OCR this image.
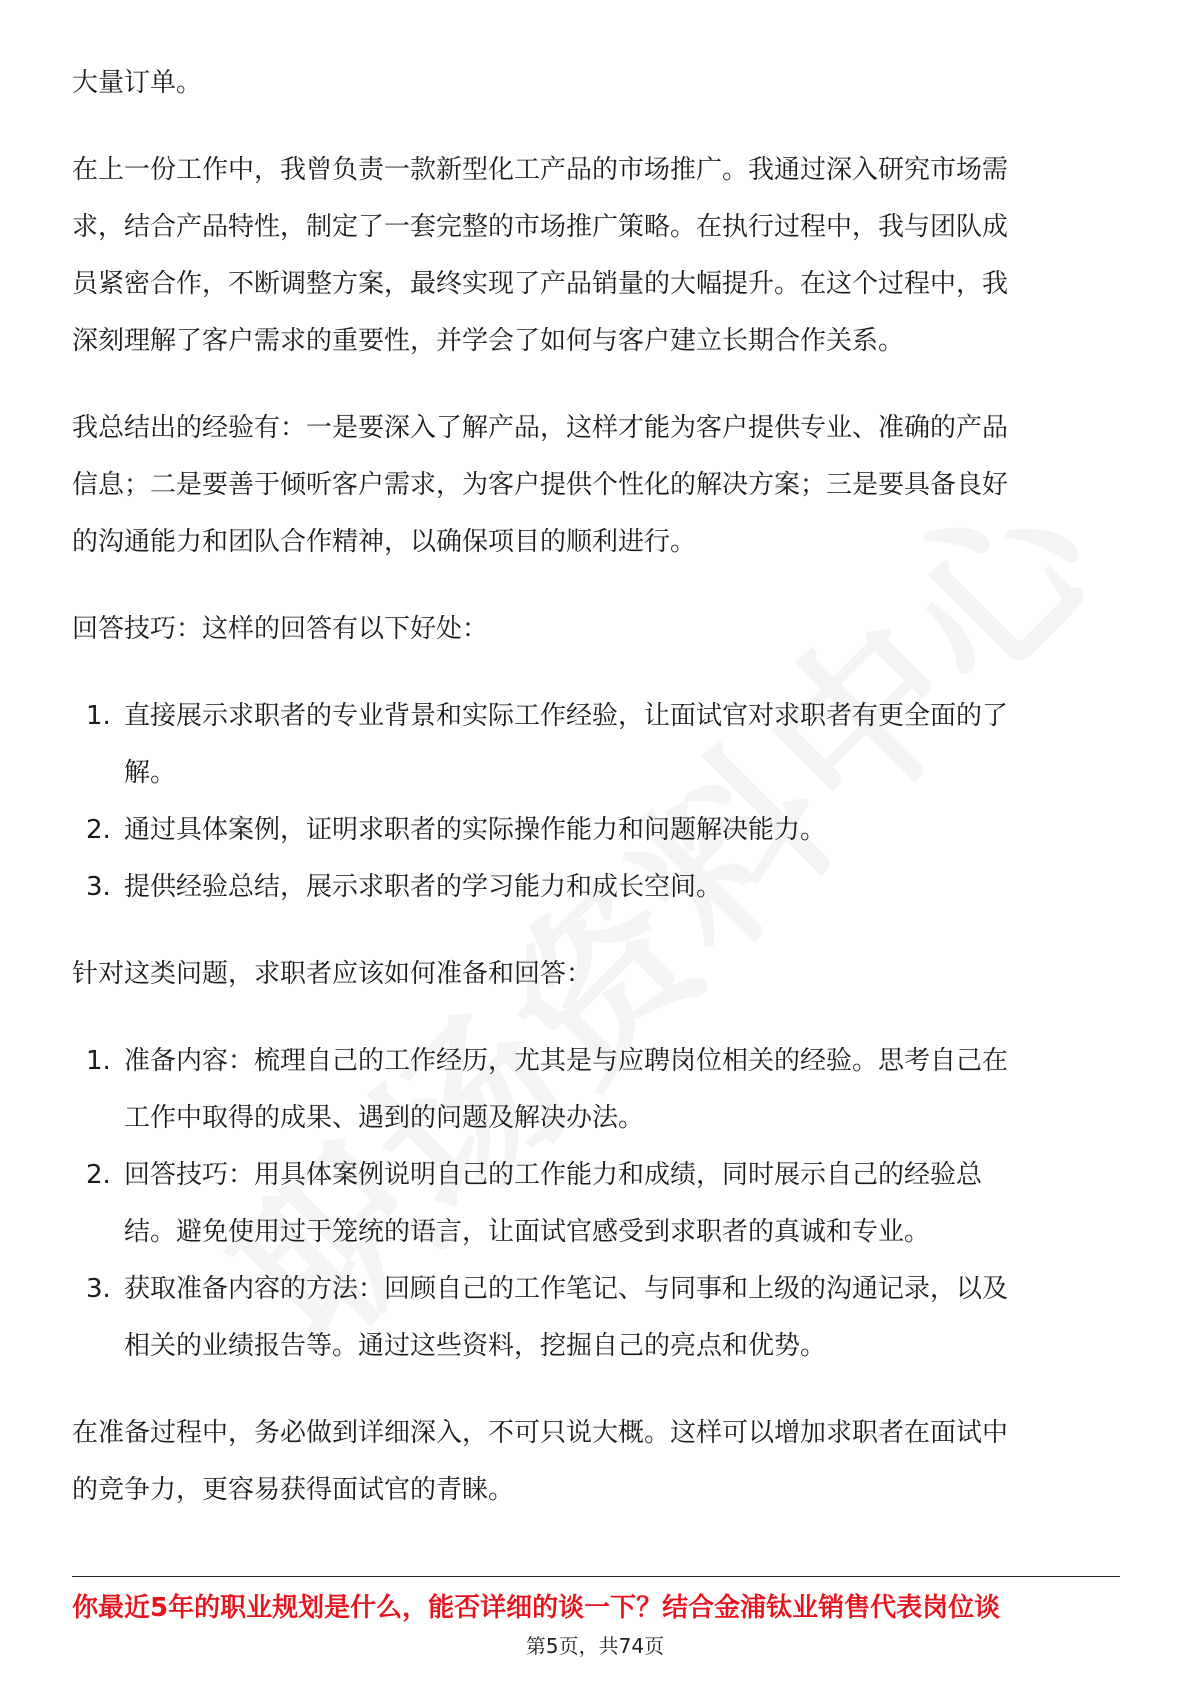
大量订单。

在上一份工作中，我曾负责一款新型化工产品的市场推广。我通过深入研究市场需
求，结合产品特性，制定了一套完整的市场推广策略。在执行过程中，我与团队成
员紧密合作，不断调整方案，最终实现了产品销量的大幅提升。在这个过程中，我
深刻理解了客户需求的重要性，并学会了如何与客户建立长期合作关系。

我总结出的经验有：一是要深入了解产品，这样才能为客户提供专业、准确的产品
信息；二是要善于倾听客户需求，为客户提供个性化的解决方案；三是要具备良好
的沟通能力和团队合作精神，以确保项目的顺利进行。

回答技巧：这样的回答有以下好处：

1. 直接展示求职者的专业背景和实际工作经验，让面试官对求职者有更全面的了
解。
2. 通过具体案例，证明求职者的实际操作能力和问题解决能力。
3. 提供经验总结，展示求职者的学习能力和成长空间。

针对这类问题，求职者应该如何准备和回答：

1. 准备内容：梳理自己的工作经历，尤其是与应聘岗位相关的经验。思考自己在
工作中取得的成果、遇到的问题及解决办法。
2. 回答技巧：用具体案例说明自己的工作能力和成绩，同时展示自己的经验总
结。避免使用过于笼统的语言，让面试官感受到求职者的真诚和专业。
3. 获取准备内容的方法：回顾自己的工作笔记、与同事和上级的沟通记录，以及
相关的业绩报告等。通过这些资料，挖掘自己的亮点和优势。

在准备过程中，务必做到详细深入，不可只说大概。这样可以增加求职者在面试中
的竞争力，更容易获得面试官的青睐。

你最近5年的职业规划是什么，能否详细的谈一下？结合金浦钛业销售代表岗位谈
第5页，共74页
